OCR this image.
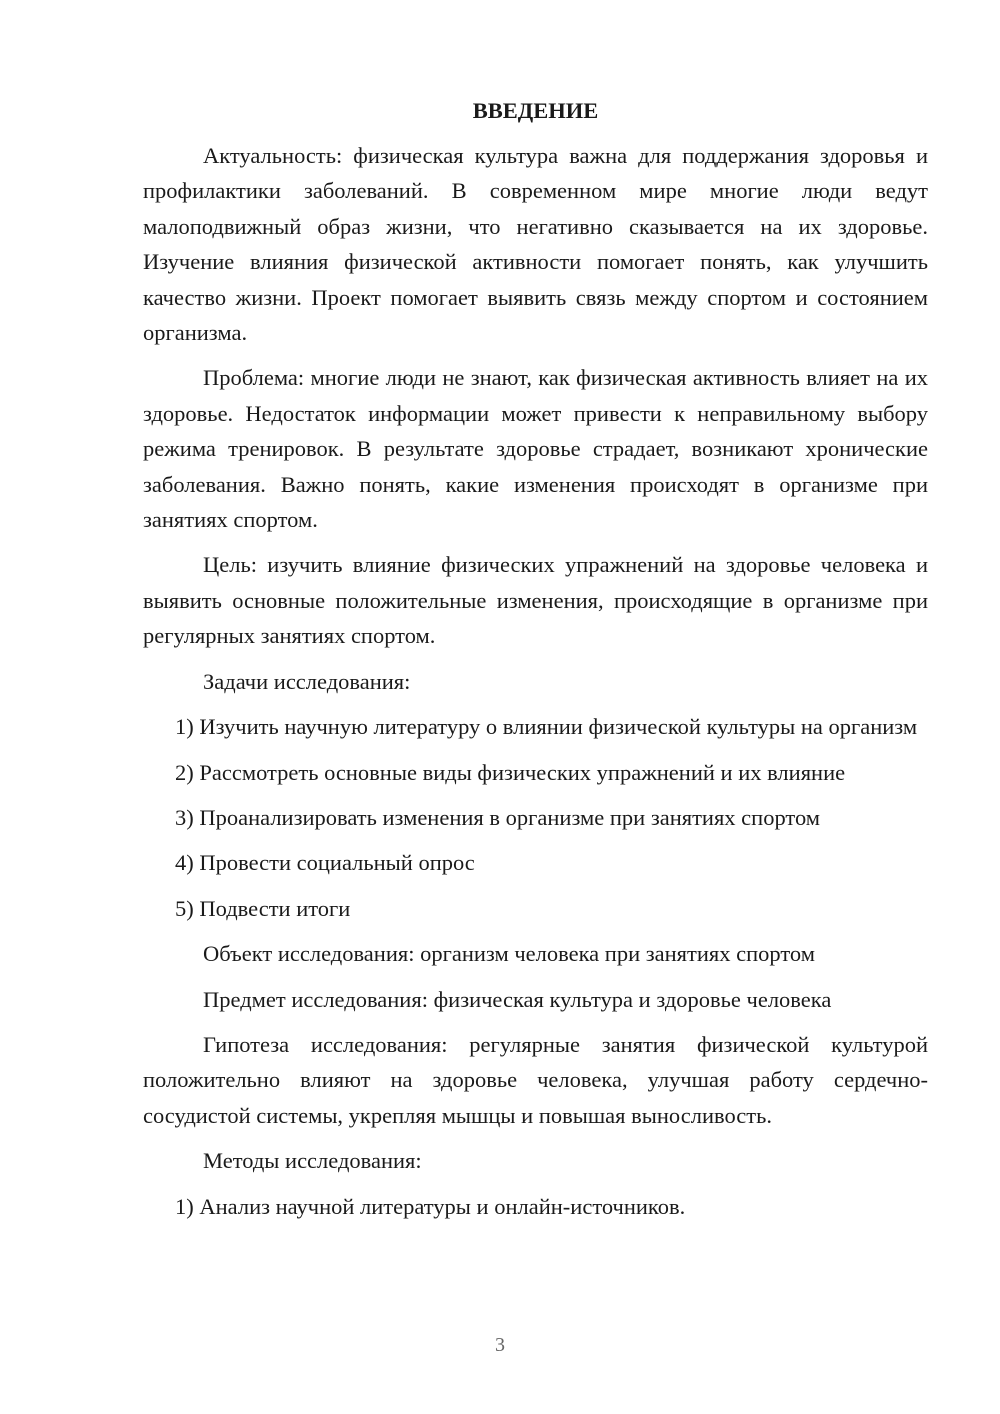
ВВЕДЕНИЕ

Актуальность: физическая культура важна для поддержания здоровья и профилактики заболеваний. В современном мире многие люди ведут малоподвижный образ жизни, что негативно сказывается на их здоровье. Изучение влияния физической активности помогает понять, как улучшить качество жизни. Проект помогает выявить связь между спортом и состоянием организма.

Проблема: многие люди не знают, как физическая активность влияет на их здоровье. Недостаток информации может привести к неправильному выбору режима тренировок. В результате здоровье страдает, возникают хронические заболевания. Важно понять, какие изменения происходят в организме при занятиях спортом.

Цель: изучить влияние физических упражнений на здоровье человека и выявить основные положительные изменения, происходящие в организме при регулярных занятиях спортом.

Задачи исследования:

1) Изучить научную литературу о влиянии физической культуры на организм

2) Рассмотреть основные виды физических упражнений и их влияние

3) Проанализировать изменения в организме при занятиях спортом

4) Провести социальный опрос

5) Подвести итоги

Объект исследования: организм человека при занятиях спортом

Предмет исследования: физическая культура и здоровье человека

Гипотеза исследования: регулярные занятия физической культурой положительно влияют на здоровье человека, улучшая работу сердечно-сосудистой системы, укрепляя мышцы и повышая выносливость.

Методы исследования:

1) Анализ научной литературы и онлайн-источников.

3
